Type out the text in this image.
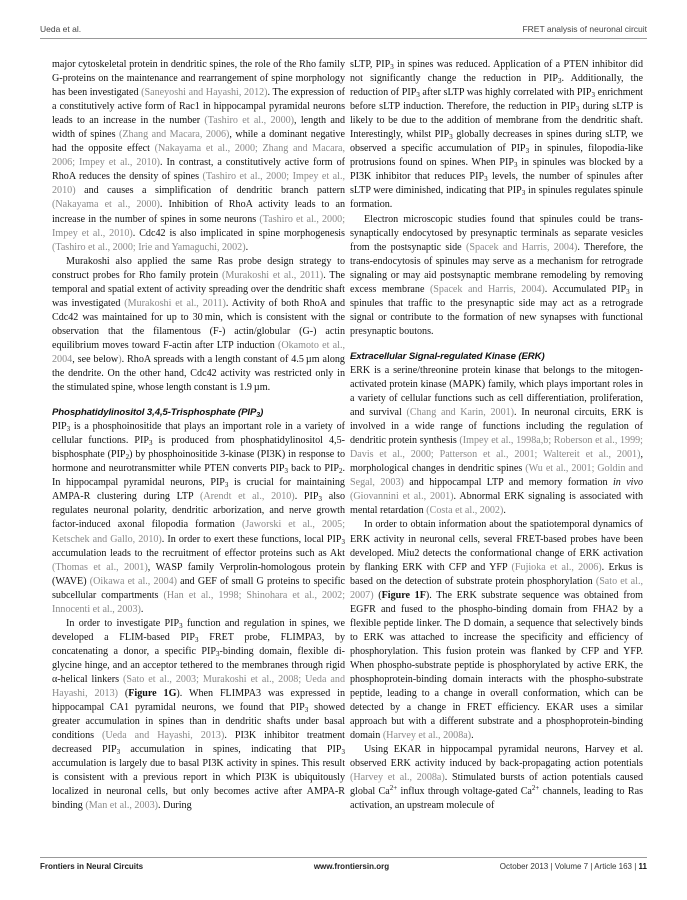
Ueda et al.	FRET analysis of neuronal circuit

major cytoskeletal protein in dendritic spines, the role of the Rho family G-proteins on the maintenance and rearrangement of spine morphology has been investigated (Saneyoshi and Hayashi, 2012). The expression of a constitutively active form of Rac1 in hippocampal pyramidal neurons leads to an increase in the number (Tashiro et al., 2000), length and width of spines (Zhang and Macara, 2006), while a dominant negative had the opposite effect (Nakayama et al., 2000; Zhang and Macara, 2006; Impey et al., 2010). In contrast, a constitutively active form of RhoA reduces the density of spines (Tashiro et al., 2000; Impey et al., 2010) and causes a simplification of dendritic branch pattern (Nakayama et al., 2000). Inhibition of RhoA activity leads to an increase in the number of spines in some neurons (Tashiro et al., 2000; Impey et al., 2010). Cdc42 is also implicated in spine morphogenesis (Tashiro et al., 2000; Irie and Yamaguchi, 2002).

Murakoshi also applied the same Ras probe design strategy to construct probes for Rho family protein (Murakoshi et al., 2011). The temporal and spatial extent of activity spreading over the dendritic shaft was investigated (Murakoshi et al., 2011). Activity of both RhoA and Cdc42 was maintained for up to 30 min, which is consistent with the observation that the filamentous (F-) actin/globular (G-) actin equilibrium moves toward F-actin after LTP induction (Okamoto et al., 2004, see below). RhoA spreads with a length constant of 4.5 µm along the dendrite. On the other hand, Cdc42 activity was restricted only in the stimulated spine, whose length constant is 1.9 µm.

Phosphatidylinositol 3,4,5-Trisphosphate $(PIP_3)$

$PIP_3$ is a phosphoinositide that plays an important role in a variety of cellular functions. $PIP_3$ is produced from phosphatidylinositol 4,5-bisphosphate $(PIP_2)$ by phosphoinositide 3-kinase (PI3K) in response to hormone and neurotransmitter while PTEN converts $PIP_3$ back to $PIP_2$. In hippocampal pyramidal neurons, $PIP_3$ is crucial for maintaining AMPA-R clustering during LTP (Arendt et al., 2010). $PIP_3$ also regulates neuronal polarity, dendritic arborization, and nerve growth factor-induced axonal filopodia formation (Jaworski et al., 2005; Ketschek and Gallo, 2010). In order to exert these functions, local $PIP_3$ accumulation leads to the recruitment of effector proteins such as Akt (Thomas et al., 2001), WASP family Verprolin-homologous protein (WAVE) (Oikawa et al., 2004) and GEF of small G proteins to specific subcellular compartments (Han et al., 1998; Shinohara et al., 2002; Innocenti et al., 2003).

In order to investigate $PIP_3$ function and regulation in spines, we developed a FLIM-based $PIP_3$ FRET probe, FLIMPA3, by concatenating a donor, a specific $PIP_3$-binding domain, flexible di-glycine hinge, and an acceptor tethered to the membranes through rigid α-helical linkers (Sato et al., 2003; Murakoshi et al., 2008; Ueda and Hayashi, 2013) (Figure 1G). When FLIMPA3 was expressed in hippocampal CA1 pyramidal neurons, we found that $PIP_3$ showed greater accumulation in spines than in dendritic shafts under basal conditions (Ueda and Hayashi, 2013). PI3K inhibitor treatment decreased $PIP_3$ accumulation in spines, indicating that $PIP_3$ accumulation is largely due to basal PI3K activity in spines. This result is consistent with a previous report in which PI3K is ubiquitously localized in neuronal cells, but only becomes active after AMPA-R binding (Man et al., 2003). During

sLTP, $PIP_3$ in spines was reduced. Application of a PTEN inhibitor did not significantly change the reduction in $PIP_3$. Additionally, the reduction of $PIP_3$ after sLTP was highly correlated with $PIP_3$ enrichment before sLTP induction. Therefore, the reduction in $PIP_3$ during sLTP is likely to be due to the addition of membrane from the dendritic shaft. Interestingly, whilst $PIP_3$ globally decreases in spines during sLTP, we observed a specific accumulation of $PIP_3$ in spinules, filopodia-like protrusions found on spines. When $PIP_3$ in spinules was blocked by a PI3K inhibitor that reduces $PIP_3$ levels, the number of spinules after sLTP were diminished, indicating that $PIP_3$ in spinules regulates spinule formation.

Electron microscopic studies found that spinules could be trans-synaptically endocytosed by presynaptic terminals as separate vesicles from the postsynaptic side (Spacek and Harris, 2004). Therefore, the trans-endocytosis of spinules may serve as a mechanism for retrograde signaling or may aid postsynaptic membrane remodeling by removing excess membrane (Spacek and Harris, 2004). Accumulated $PIP_3$ in spinules that traffic to the presynaptic side may act as a retrograde signal or contribute to the formation of new synapses with functional presynaptic boutons.

Extracellular Signal-regulated Kinase (ERK)

ERK is a serine/threonine protein kinase that belongs to the mitogen-activated protein kinase (MAPK) family, which plays important roles in a variety of cellular functions such as cell differentiation, proliferation, and survival (Chang and Karin, 2001). In neuronal circuits, ERK is involved in a wide range of functions including the regulation of dendritic protein synthesis (Impey et al., 1998a,b; Roberson et al., 1999; Davis et al., 2000; Patterson et al., 2001; Waltereit et al., 2001), morphological changes in dendritic spines (Wu et al., 2001; Goldin and Segal, 2003) and hippocampal LTP and memory formation in vivo (Giovannini et al., 2001). Abnormal ERK signaling is associated with mental retardation (Costa et al., 2002).

In order to obtain information about the spatiotemporal dynamics of ERK activity in neuronal cells, several FRET-based probes have been developed. Miu2 detects the conformational change of ERK activation by flanking ERK with CFP and YFP (Fujioka et al., 2006). Erkus is based on the detection of substrate protein phosphorylation (Sato et al., 2007) (Figure 1F). The ERK substrate sequence was obtained from EGFR and fused to the phospho-binding domain from FHA2 by a flexible peptide linker. The D domain, a sequence that selectively binds to ERK was attached to increase the specificity and efficiency of phosphorylation. This fusion protein was flanked by CFP and YFP. When phospho-substrate peptide is phosphorylated by active ERK, the phosphoprotein-binding domain interacts with the phospho-substrate peptide, leading to a change in overall conformation, which can be detected by a change in FRET efficiency. EKAR uses a similar approach but with a different substrate and a phosphoprotein-binding domain (Harvey et al., 2008a).

Using EKAR in hippocampal pyramidal neurons, Harvey et al. observed ERK activity induced by back-propagating action potentials (Harvey et al., 2008a). Stimulated bursts of action potentials caused global $Ca^{2+}$ influx through voltage-gated $Ca^{2+}$ channels, leading to Ras activation, an upstream molecule of

Frontiers in Neural Circuits	www.frontiersin.org	October 2013 | Volume 7 | Article 163 | 11
